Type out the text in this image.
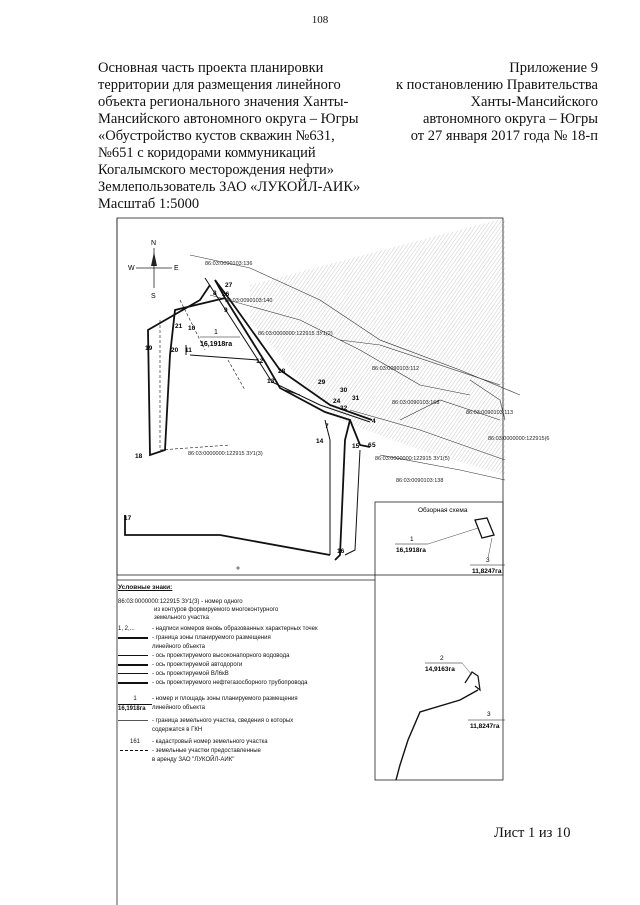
108
Основная часть проекта планировки
территории для размещения линейного
объекта регионального значения Ханты-
Мансийского автономного округа – Югры
«Обустройство кустов скважин №631,
№651 с коридорами коммуникаций
Когалымского месторождения нефти»
Землепользователь ЗАО «ЛУКОЙЛ-АИК»
Масштаб 1:5000
Приложение 9
к постановлению Правительства
Ханты-Мансийского
автономного округа – Югры
от 27 января 2017 года № 18-п
N
S
W	E
1
16,1918га
86:03:0090103:136
86:03:0090103:140
86:03:0000000:122915 ЗУ1(2)
86:03:0090103:112
86:03:0090103:168
86:03:0090103:113
86:03:0000000:122915(6
86:03:0000000:122915 ЗУ1(3)
86:03:0000000:122915 ЗУ1(5)
86:03:0090103:138
27
26
8
9
10
21
19	20 11
12
28
13	29
30
31
24
32
7
4
5
14
15 6
18
17
16
Обзорная схема
1
16,1918га
3
11,8247га
2
14,9163га
3
11,8247га
Условные знаки:
86:03:0000000:122915 ЗУ1(3) - номер одного
из контуров формируемого многоконтурного
земельного участка
1, 2,...	- надписи номеров вновь образованных характерных точек
- граница зоны планируемого размещения
линейного объекта
- ось проектируемого высоконапорного водовода
- ось проектируемой автодороги
- ось проектируемой ВЛ6кВ
- ось проектируемого нефтегазосборного трубопровода
1	- номер и площадь зоны планируемого размещения
16,1918га	линейного объекта
- граница земельного участка, сведения о которых
содержатся в ГКН
161	- кадастровый номер земельного участка
- земельные участки предоставленные
в аренду ЗАО "ЛУКОЙЛ-АИК"
Лист 1 из 10
